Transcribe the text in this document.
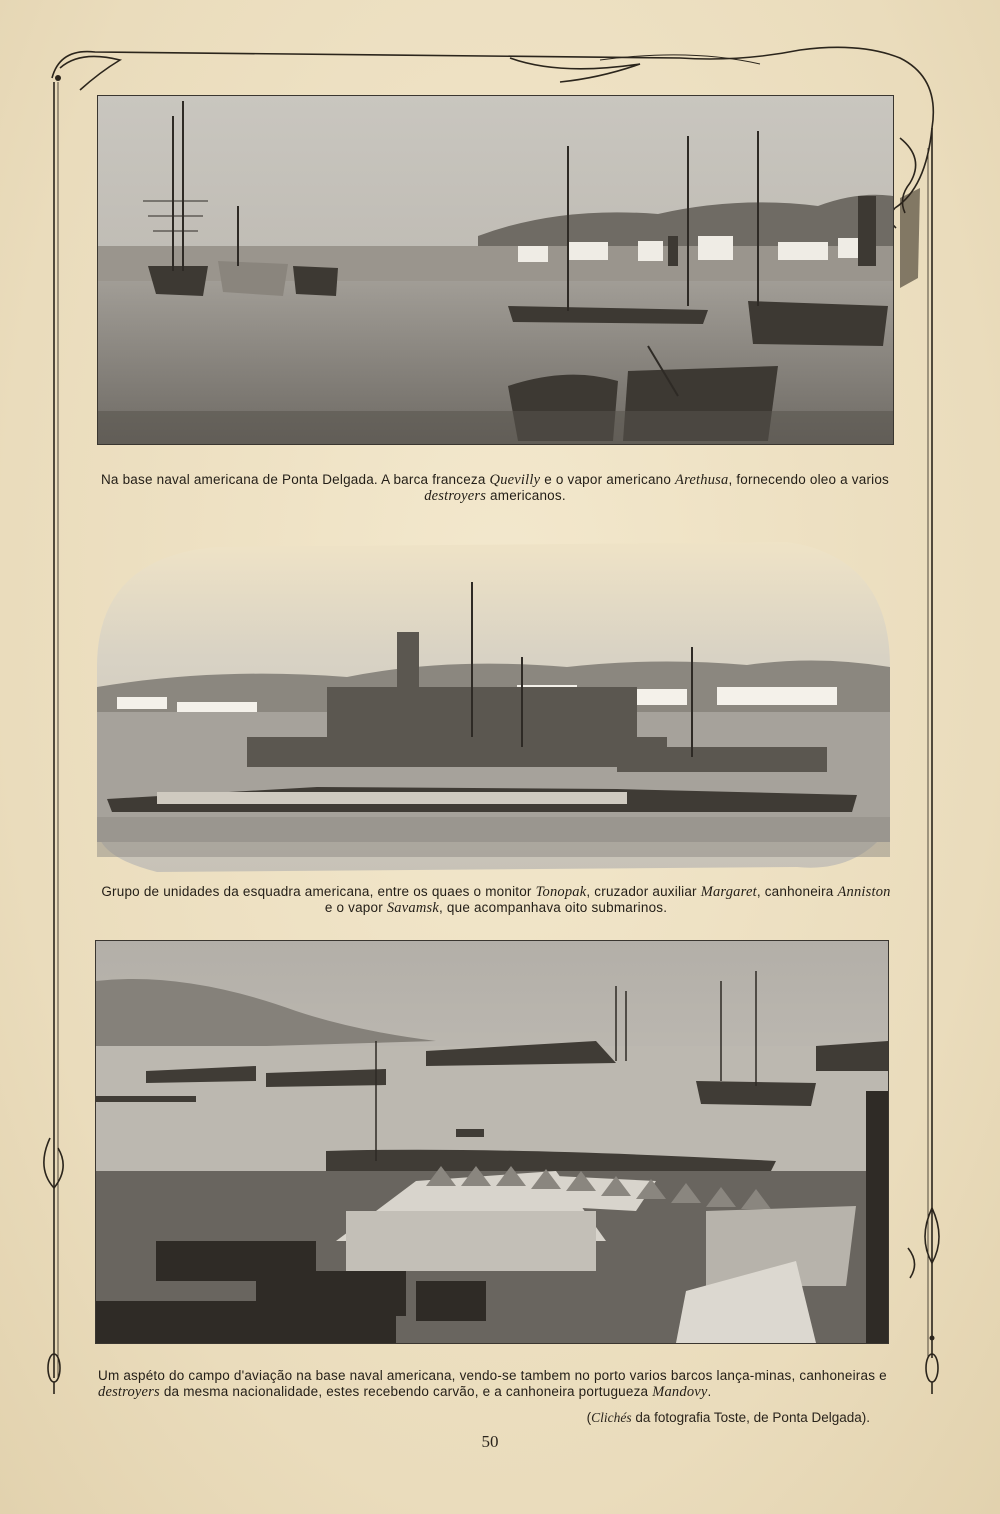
Na base naval americana de Ponta Delgada. A barca franceza Quevilly e o vapor americano Arethusa, fornecendo oleo a varios destroyers americanos.
Grupo de unidades da esquadra americana, entre os quaes o monitor Tonopak, cruzador auxiliar Margaret, canhoneira Anniston e o vapor Savamsk, que acompanhava oito submarinos.
Um aspéto do campo d'aviação na base naval americana, vendo-se tambem no porto varios barcos lança-minas, canhoneiras e destroyers da mesma nacionalidade, estes recebendo carvão, e a canhoneira portugueza Mandovy.
(Clichés da fotografia Toste, de Ponta Delgada).
50
